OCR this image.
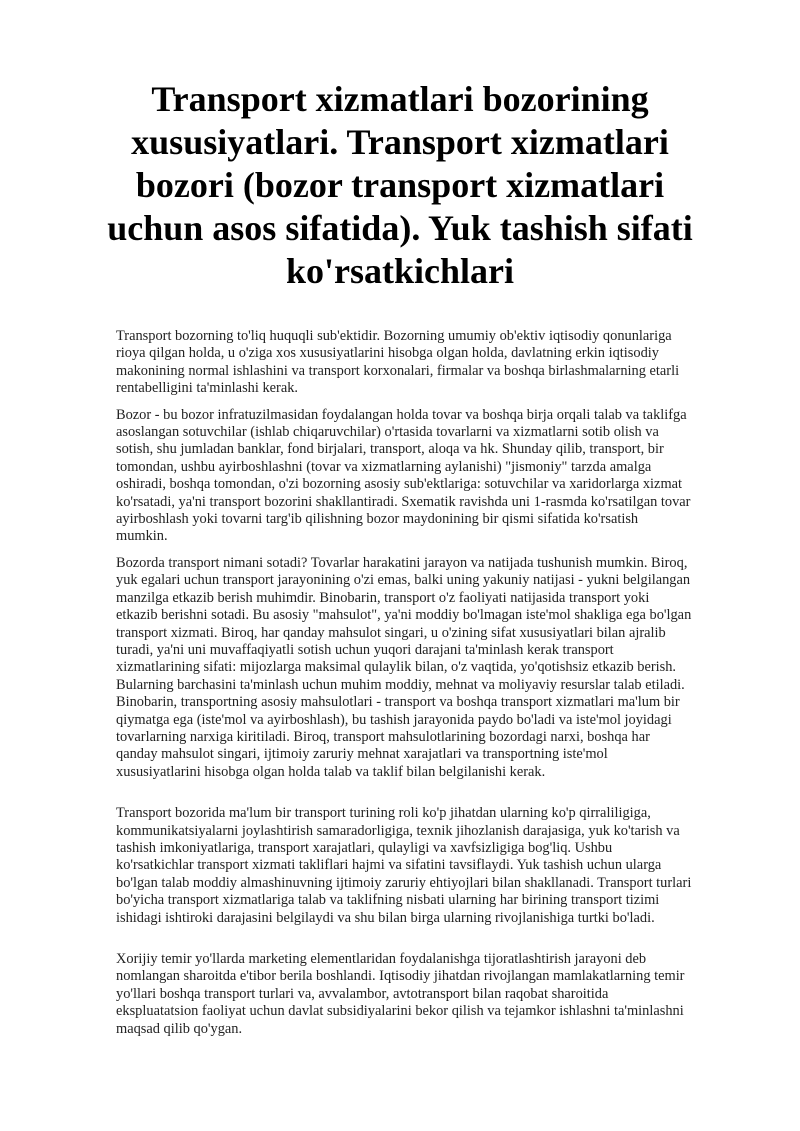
Transport xizmatlari bozorining xususiyatlari. Transport xizmatlari bozori (bozor transport xizmatlari uchun asos sifatida). Yuk tashish sifati ko'rsatkichlari

Transport bozorning to'liq huquqli sub'ektidir. Bozorning umumiy ob'ektiv iqtisodiy qonunlariga rioya qilgan holda, u o'ziga xos xususiyatlarini hisobga olgan holda, davlatning erkin iqtisodiy makonining normal ishlashini va transport korxonalari, firmalar va boshqa birlashmalarning etarli rentabelligini ta'minlashi kerak.

Bozor - bu bozor infratuzilmasidan foydalangan holda tovar va boshqa birja orqali talab va taklifga asoslangan sotuvchilar (ishlab chiqaruvchilar) o'rtasida tovarlarni va xizmatlarni sotib olish va sotish, shu jumladan banklar, fond birjalari, transport, aloqa va hk. Shunday qilib, transport, bir tomondan, ushbu ayirboshlashni (tovar va xizmatlarning aylanishi) "jismoniy" tarzda amalga oshiradi, boshqa tomondan, o'zi bozorning asosiy sub'ektlariga: sotuvchilar va xaridorlarga xizmat ko'rsatadi, ya'ni transport bozorini shakllantiradi. Sxematik ravishda uni 1-rasmda ko'rsatilgan tovar ayirboshlash yoki tovarni targ'ib qilishning bozor maydonining bir qismi sifatida ko'rsatish mumkin.

Bozorda transport nimani sotadi? Tovarlar harakatini jarayon va natijada tushunish mumkin. Biroq, yuk egalari uchun transport jarayonining o'zi emas, balki uning yakuniy natijasi - yukni belgilangan manzilga etkazib berish muhimdir. Binobarin, transport o'z faoliyati natijasida transport yoki etkazib berishni sotadi. Bu asosiy "mahsulot", ya'ni moddiy bo'lmagan iste'mol shakliga ega bo'lgan transport xizmati. Biroq, har qanday mahsulot singari, u o'zining sifat xususiyatlari bilan ajralib turadi, ya'ni uni muvaffaqiyatli sotish uchun yuqori darajani ta'minlash kerak transport xizmatlarining sifati: mijozlarga maksimal qulaylik bilan, o'z vaqtida, yo'qotishsiz etkazib berish. Bularning barchasini ta'minlash uchun muhim moddiy, mehnat va moliyaviy resurslar talab etiladi. Binobarin, transportning asosiy mahsulotlari - transport va boshqa transport xizmatlari ma'lum bir qiymatga ega (iste'mol va ayirboshlash), bu tashish jarayonida paydo bo'ladi va iste'mol joyidagi tovarlarning narxiga kiritiladi. Biroq, transport mahsulotlarining bozordagi narxi, boshqa har qanday mahsulot singari, ijtimoiy zaruriy mehnat xarajatlari va transportning iste'mol xususiyatlarini hisobga olgan holda talab va taklif bilan belgilanishi kerak.

Transport bozorida ma'lum bir transport turining roli ko'p jihatdan ularning ko'p qirraliligiga, kommunikatsiyalarni joylashtirish samaradorligiga, texnik jihozlanish darajasiga, yuk ko'tarish va tashish imkoniyatlariga, transport xarajatlari, qulayligi va xavfsizligiga bog'liq. Ushbu ko'rsatkichlar transport xizmati takliflari hajmi va sifatini tavsiflaydi. Yuk tashish uchun ularga bo'lgan talab moddiy almashinuvning ijtimoiy zaruriy ehtiyojlari bilan shakllanadi. Transport turlari bo'yicha transport xizmatlariga talab va taklifning nisbati ularning har birining transport tizimi ishidagi ishtiroki darajasini belgilaydi va shu bilan birga ularning rivojlanishiga turtki bo'ladi.

Xorijiy temir yo'llarda marketing elementlaridan foydalanishga tijoratlashtirish jarayoni deb nomlangan sharoitda e'tibor berila boshlandi. Iqtisodiy jihatdan rivojlangan mamlakatlarning temir yo'llari boshqa transport turlari va, avvalambor, avtotransport bilan raqobat sharoitida ekspluatatsion faoliyat uchun davlat subsidiyalarini bekor qilish va tejamkor ishlashni ta'minlashni maqsad qilib qo'ygan.
